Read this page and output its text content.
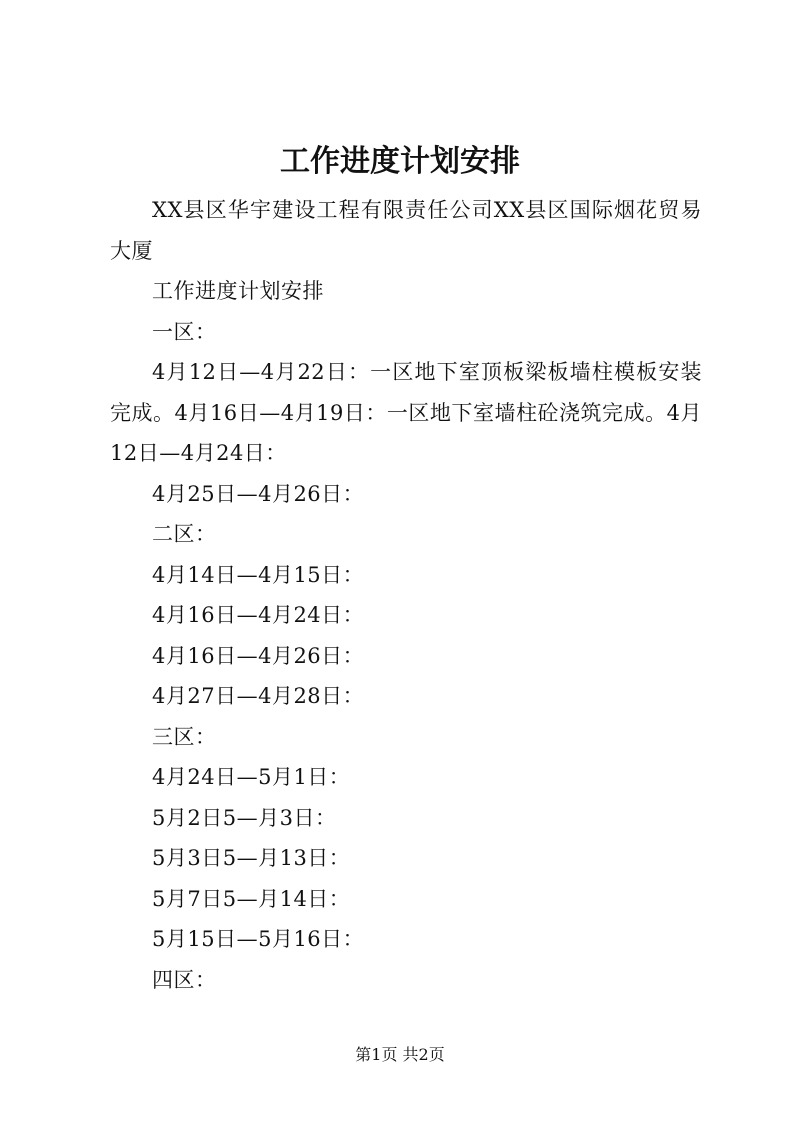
工作进度计划安排

XX县区华宇建设工程有限责任公司XX县区国际烟花贸易大厦

工作进度计划安排

一区：

4月12日—4月22日：一区地下室顶板梁板墙柱模板安装完成。4月16日—4月19日：一区地下室墙柱砼浇筑完成。4月12日—4月24日：

4月25日—4月26日：

二区：

4月14日—4月15日：

4月16日—4月24日：

4月16日—4月26日：

4月27日—4月28日：

三区：

4月24日—5月1日：

5月2日5—月3日：

5月3日5—月13日：

5月7日5—月14日：

5月15日—5月16日：

四区：

第1页 共2页
